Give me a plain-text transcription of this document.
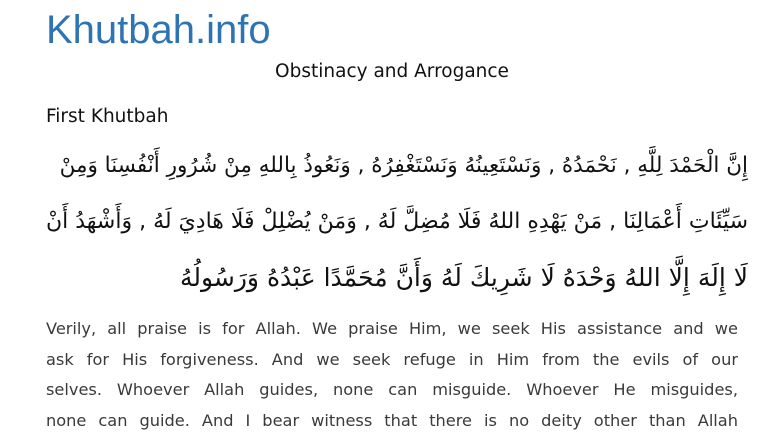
Khutbah.info
Obstinacy and Arrogance
First Khutbah
إِنَّ الْحَمْدَ لِلَّهِ , نَحْمَدُهُ , وَنَسْتَعِينُهُ وَنَسْتَغْفِرُهُ , وَنَعُوذُ بِاللهِ مِنْ شُرُورِ أَنْفُسِنَا وَمِنْ
سَيِّئَاتِ أَعْمَالِنَا , مَنْ يَهْدِهِ اللهُ فَلَا مُضِلَّ لَهُ , وَمَنْ يُضْلِلْ فَلَا هَادِيَ لَهُ , وَأَشْهَدُ أَنْ
لَا إِلَهَ إِلَّا اللهُ وَحْدَهُ لَا شَرِيكَ لَهُ وَأَنَّ مُحَمَّدًا عَبْدُهُ وَرَسُولُهُ
Verily, all praise is for Allah. We praise Him, we seek His assistance and we
ask for His forgiveness. And we seek refuge in Him from the evils of our
selves. Whoever Allah guides, none can misguide. Whoever He misguides,
none can guide. And I bear witness that there is no deity other than Allah
